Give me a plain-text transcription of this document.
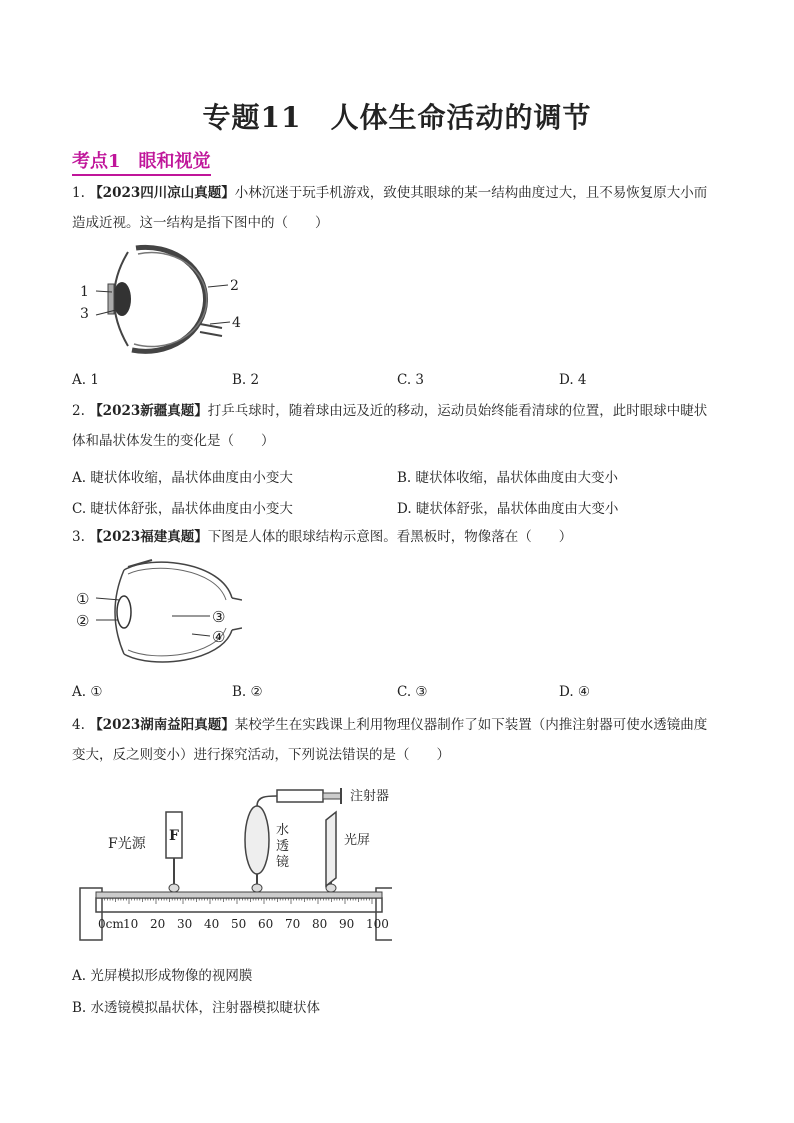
专题11　人体生命活动的调节
考点1　眼和视觉
1. 【2023四川凉山真题】小林沉迷于玩手机游戏，致使其眼球的某一结构曲度过大，且不易恢复原大小而
造成近视。这一结构是指下图中的（　　）
1
3
2
4
A. 1	B. 2	C. 3	D. 4
2. 【2023新疆真题】打乒乓球时，随着球由远及近的移动，运动员始终能看清球的位置，此时眼球中睫状
体和晶状体发生的变化是（　　）
A. 睫状体收缩，晶状体曲度由小变大	B. 睫状体收缩，晶状体曲度由大变小
C. 睫状体舒张，晶状体曲度由小变大	D. 睫状体舒张，晶状体曲度由大变小
3. 【2023福建真题】下图是人体的眼球结构示意图。看黑板时，物像落在（　　）
①
②	③
④
A. ①	B. ②	C. ③	D. ④
4. 【2023湖南益阳真题】某校学生在实践课上利用物理仪器制作了如下装置（内推注射器可使水透镜曲度
变大，反之则变小）进行探究活动，下列说法错误的是（　　）
F
F光源
水
透
镜
注射器
光屏
0cm 10 20 30 40 50 60 70 80 90 100
A. 光屏模拟形成物像的视网膜
B. 水透镜模拟晶状体，注射器模拟睫状体
